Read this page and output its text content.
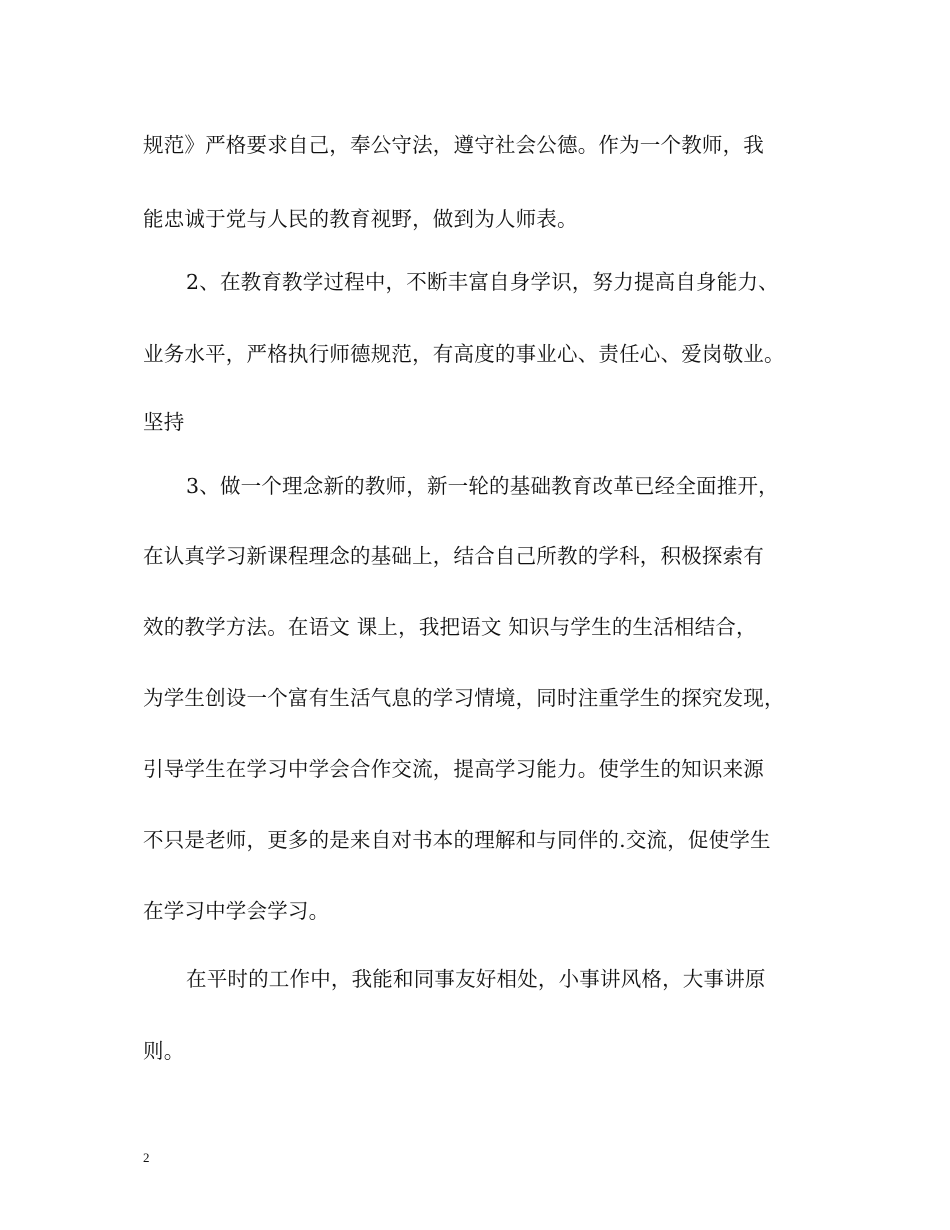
规范》严格要求自己，奉公守法，遵守社会公德。作为一个教师，我
能忠诚于党与人民的教育视野，做到为人师表。
2、在教育教学过程中，不断丰富自身学识，努力提高自身能力、
业务水平，严格执行师德规范，有高度的事业心、责任心、爱岗敬业。
坚持
3、做一个理念新的教师，新一轮的基础教育改革已经全面推开，
在认真学习新课程理念的基础上，结合自己所教的学科，积极探索有
效的教学方法。在语文 课上，我把语文 知识与学生的生活相结合，
为学生创设一个富有生活气息的学习情境，同时注重学生的探究发现，
引导学生在学习中学会合作交流，提高学习能力。使学生的知识来源
不只是老师，更多的是来自对书本的理解和与同伴的.交流，促使学生
在学习中学会学习。
在平时的工作中，我能和同事友好相处，小事讲风格，大事讲原
则。
2
